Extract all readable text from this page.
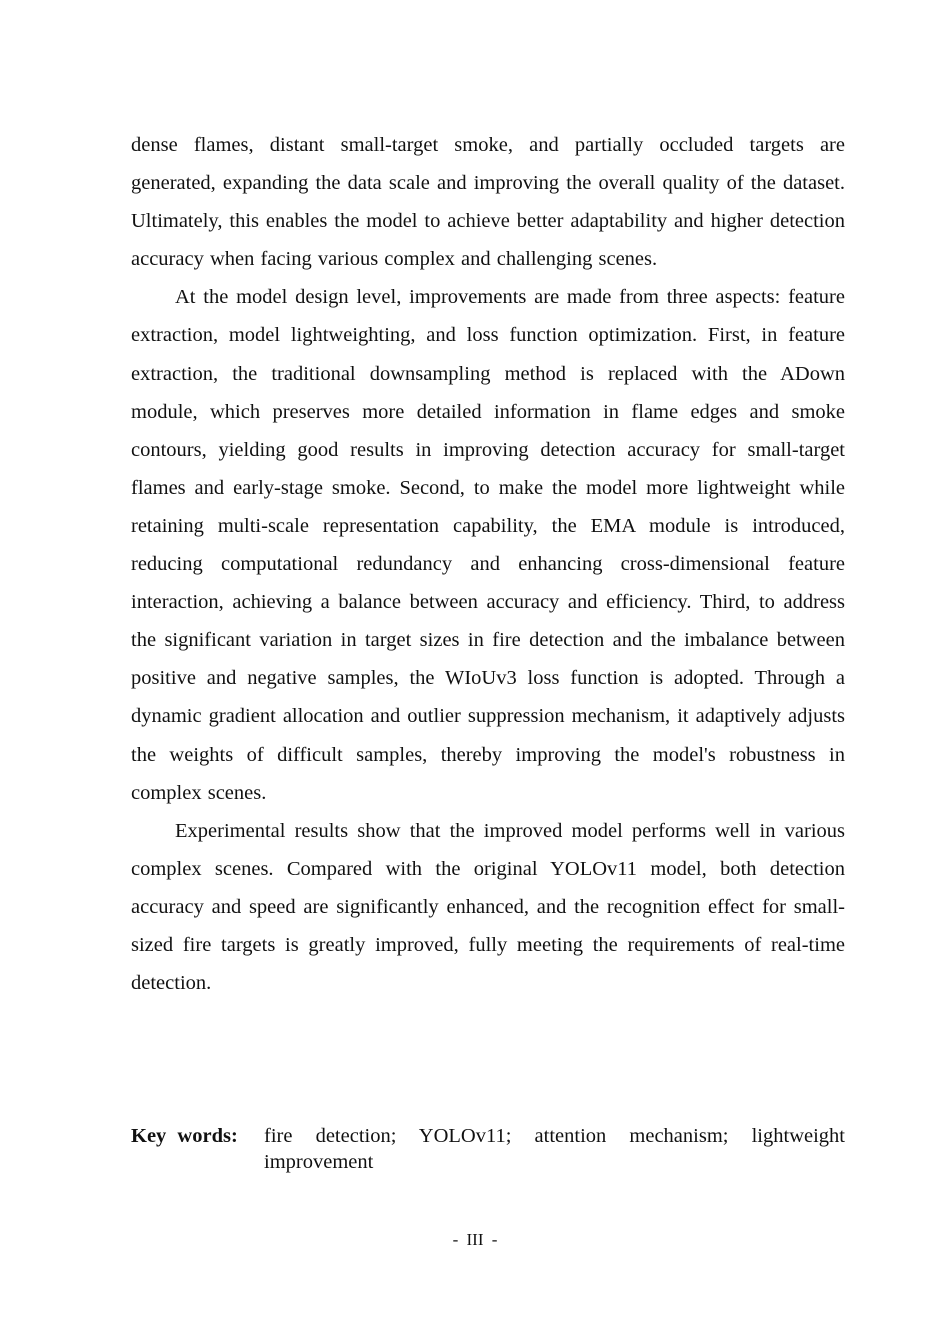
dense flames, distant small-target smoke, and partially occluded targets are generated, expanding the data scale and improving the overall quality of the dataset. Ultimately, this enables the model to achieve better adaptability and higher detection accuracy when facing various complex and challenging scenes.

At the model design level, improvements are made from three aspects: feature extraction, model lightweighting, and loss function optimization. First, in feature extraction, the traditional downsampling method is replaced with the ADown module, which preserves more detailed information in flame edges and smoke contours, yielding good results in improving detection accuracy for small-target flames and early-stage smoke. Second, to make the model more lightweight while retaining multi-scale representation capability, the EMA module is introduced, reducing computational redundancy and enhancing cross-dimensional feature interaction, achieving a balance between accuracy and efficiency. Third, to address the significant variation in target sizes in fire detection and the imbalance between positive and negative samples, the WIoUv3 loss function is adopted. Through a dynamic gradient allocation and outlier suppression mechanism, it adaptively adjusts the weights of difficult samples, thereby improving the model's robustness in complex scenes.

Experimental results show that the improved model performs well in various complex scenes. Compared with the original YOLOv11 model, both detection accuracy and speed are significantly enhanced, and the recognition effect for small-sized fire targets is greatly improved, fully meeting the requirements of real-time detection.

Key words:	fire detection; YOLOv11; attention mechanism; lightweight improvement
- III -
